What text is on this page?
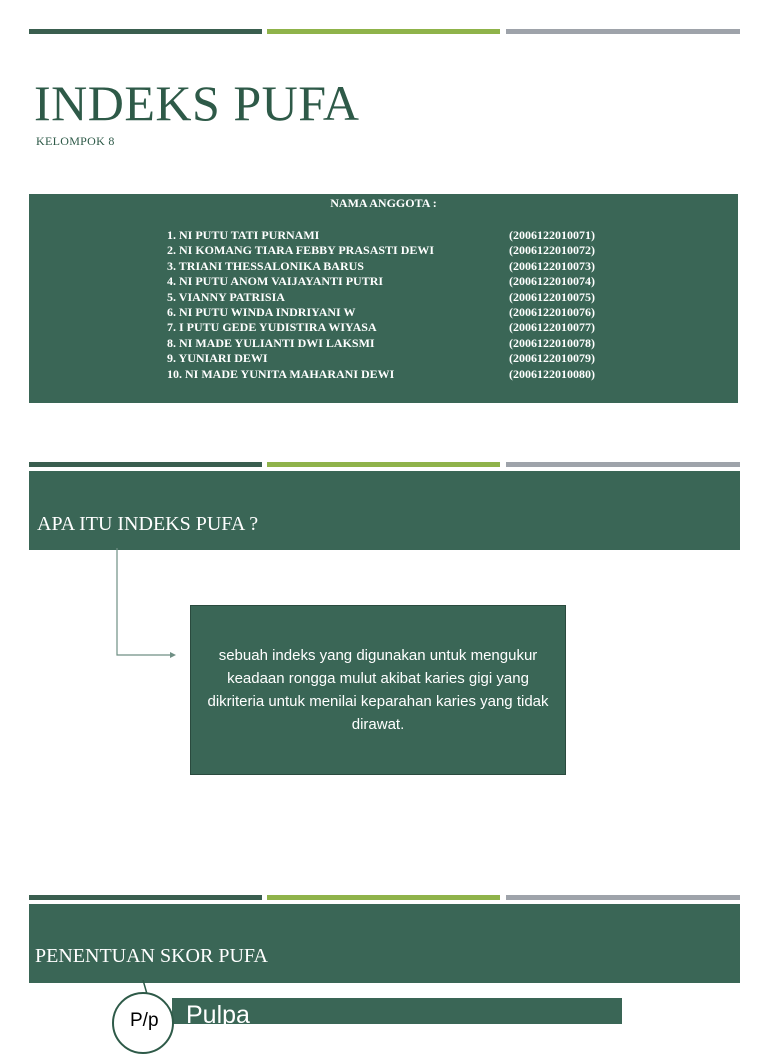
INDEKS PUFA
KELOMPOK 8
NAMA ANGGOTA :
1. NI PUTU TATI PURNAMI	(2006122010071)
2. NI KOMANG TIARA FEBBY PRASASTI DEWI	(2006122010072)
3. TRIANI THESSALONIKA BARUS	(2006122010073)
4. NI PUTU ANOM VAIJAYANTI PUTRI	(2006122010074)
5. VIANNY PATRISIA	(2006122010075)
6. NI PUTU WINDA INDRIYANI W	(2006122010076)
7. I PUTU GEDE YUDISTIRA WIYASA	(2006122010077)
8. NI MADE YULIANTI DWI LAKSMI	(2006122010078)
9. YUNIARI DEWI	(2006122010079)
10. NI MADE YUNITA MAHARANI DEWI	(2006122010080)
APA ITU INDEKS PUFA ?
sebuah indeks yang digunakan untuk mengukur keadaan rongga mulut akibat karies gigi yang dikriteria untuk menilai keparahan karies yang tidak dirawat.
PENENTUAN SKOR PUFA
Pulpa
P/p
